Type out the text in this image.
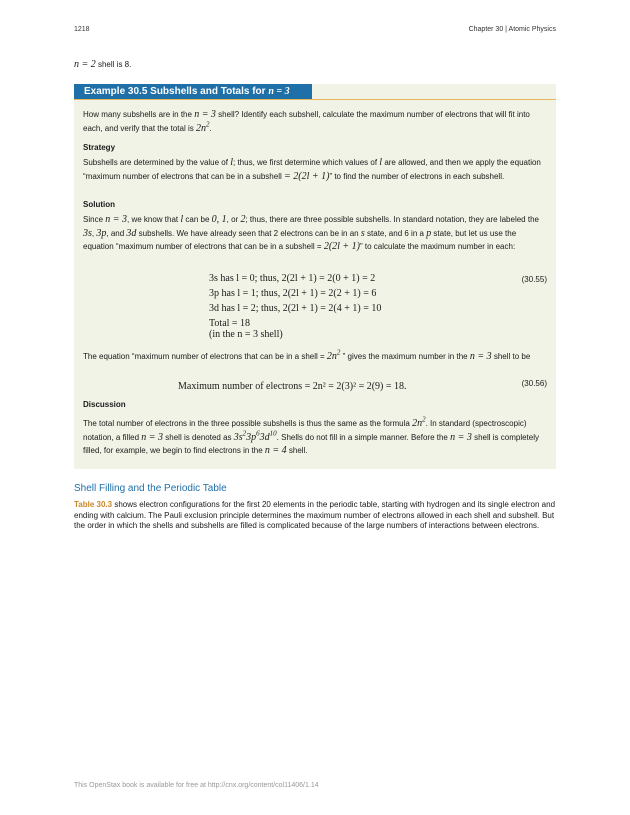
1218	Chapter 30 | Atomic Physics
n = 2 shell is 8.
Example 30.5 Subshells and Totals for n = 3
How many subshells are in the n = 3 shell? Identify each subshell, calculate the maximum number of electrons that will fit into each, and verify that the total is $2n^2$.
Strategy
Subshells are determined by the value of l; thus, we first determine which values of l are allowed, and then we apply the equation “maximum number of electrons that can be in a subshell = 2(2l + 1)” to find the number of electrons in each subshell.
Solution
Since n = 3, we know that l can be 0, 1, or 2; thus, there are three possible subshells. In standard notation, they are labeled the 3s, 3p, and 3d subshells. We have already seen that 2 electrons can be in an s state, and 6 in a p state, but let us use the equation “maximum number of electrons that can be in a subshell = 2(2l + 1)” to calculate the maximum number in each:
3s has l = 0; thus, 2(2l + 1) = 2(0 + 1) = 2
3p has l = 1; thus, 2(2l + 1) = 2(2 + 1) = 6
3d has l = 2; thus, 2(2l + 1) = 2(4 + 1) = 10
Total = 18
(in the n = 3 shell)
(30.55)
The equation “maximum number of electrons that can be in a shell = $2n^2$ ” gives the maximum number in the n = 3 shell to be
Maximum number of electrons = 2n² = 2(3)² = 2(9) = 18.	(30.56)
Discussion
The total number of electrons in the three possible subshells is thus the same as the formula $2n^2$. In standard (spectroscopic) notation, a filled n = 3 shell is denoted as $3s^23p^63d^{10}$. Shells do not fill in a simple manner. Before the n = 3 shell is completely filled, for example, we begin to find electrons in the n = 4 shell.
Shell Filling and the Periodic Table
Table 30.3 shows electron configurations for the first 20 elements in the periodic table, starting with hydrogen and its single electron and ending with calcium. The Pauli exclusion principle determines the maximum number of electrons allowed in each shell and subshell. But the order in which the shells and subshells are filled is complicated because of the large numbers of interactions between electrons.
This OpenStax book is available for free at http://cnx.org/content/col11406/1.14
